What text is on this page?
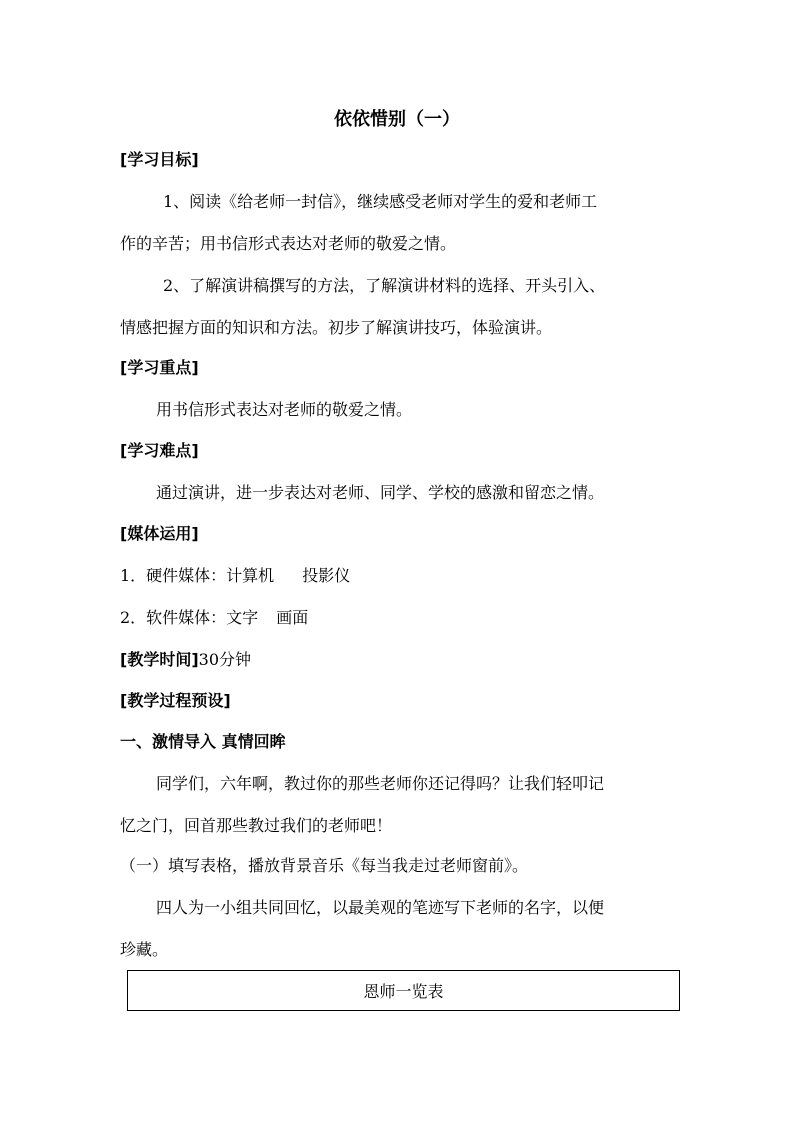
依依惜别（一）
[学习目标]
1、阅读《给老师一封信》，继续感受老师对学生的爱和老师工
作的辛苦；用书信形式表达对老师的敬爱之情。
2、了解演讲稿撰写的方法，了解演讲材料的选择、开头引入、
情感把握方面的知识和方法。初步了解演讲技巧，体验演讲。
[学习重点]
用书信形式表达对老师的敬爱之情。
[学习难点]
通过演讲，进一步表达对老师、同学、学校的感激和留恋之情。
[媒体运用]
1．硬件媒体：计算机 投影仪
2．软件媒体：文字 画面
[教学时间]30分钟
[教学过程预设]
一、激情导入 真情回眸
同学们，六年啊，教过你的那些老师你还记得吗？让我们轻叩记
忆之门，回首那些教过我们的老师吧！
（一）填写表格，播放背景音乐《每当我走过老师窗前》。
四人为一小组共同回忆，以最美观的笔迹写下老师的名字，以便
珍藏。
恩师一览表
